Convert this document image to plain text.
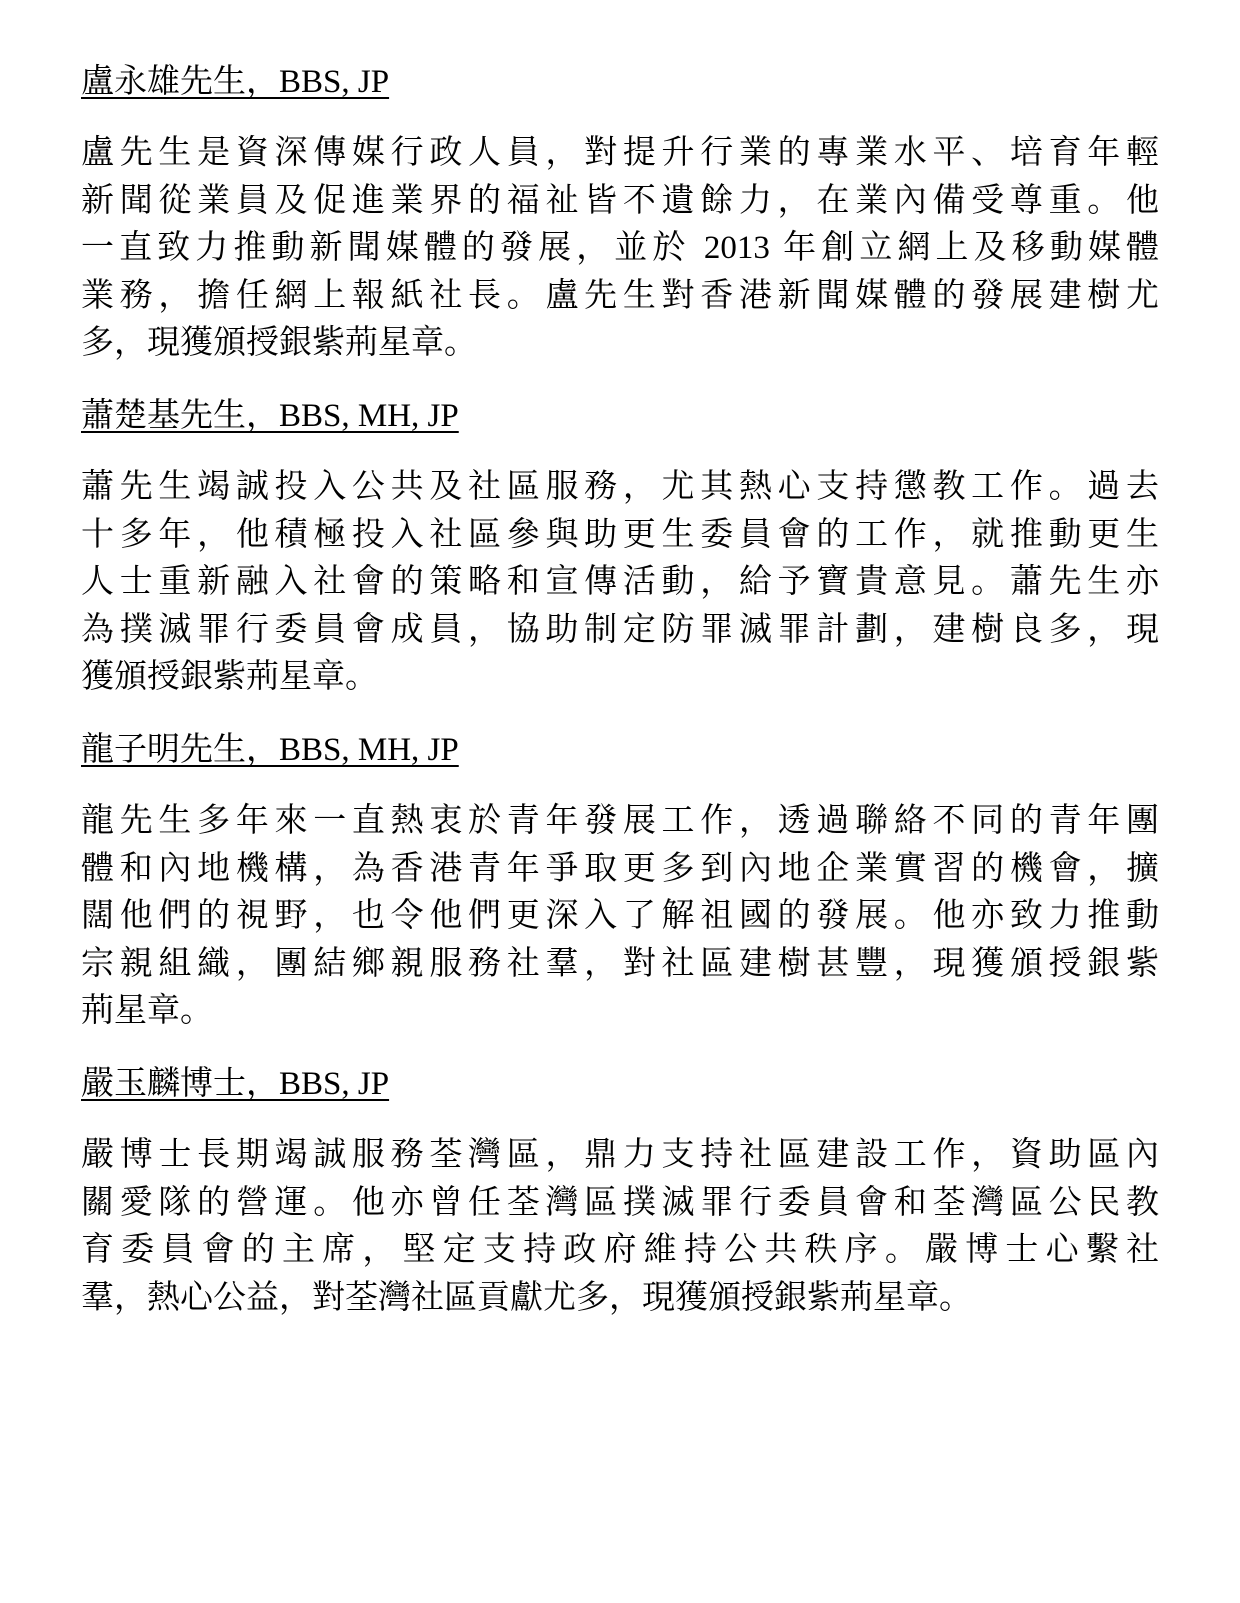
盧永雄先生，BBS, JP

盧先生是資深傳媒行政人員，對提升行業的專業水平、培育年輕
新聞從業員及促進業界的福祉皆不遺餘力，在業內備受尊重。他
一直致力推動新聞媒體的發展，並於 2013 年創立網上及移動媒體
業務，擔任網上報紙社長。盧先生對香港新聞媒體的發展建樹尤
多，現獲頒授銀紫荊星章。

蕭楚基先生，BBS, MH, JP

蕭先生竭誠投入公共及社區服務，尤其熱心支持懲教工作。過去
十多年，他積極投入社區參與助更生委員會的工作，就推動更生
人士重新融入社會的策略和宣傳活動，給予寶貴意見。蕭先生亦
為撲滅罪行委員會成員，協助制定防罪滅罪計劃，建樹良多，現
獲頒授銀紫荊星章。

龍子明先生，BBS, MH, JP

龍先生多年來一直熱衷於青年發展工作，透過聯絡不同的青年團
體和內地機構，為香港青年爭取更多到內地企業實習的機會，擴
闊他們的視野，也令他們更深入了解祖國的發展。他亦致力推動
宗親組織，團結鄉親服務社羣，對社區建樹甚豐，現獲頒授銀紫
荊星章。

嚴玉麟博士，BBS, JP

嚴博士長期竭誠服務荃灣區，鼎力支持社區建設工作，資助區內
關愛隊的營運。他亦曾任荃灣區撲滅罪行委員會和荃灣區公民教
育委員會的主席，堅定支持政府維持公共秩序。嚴博士心繫社
羣，熱心公益，對荃灣社區貢獻尤多，現獲頒授銀紫荊星章。
